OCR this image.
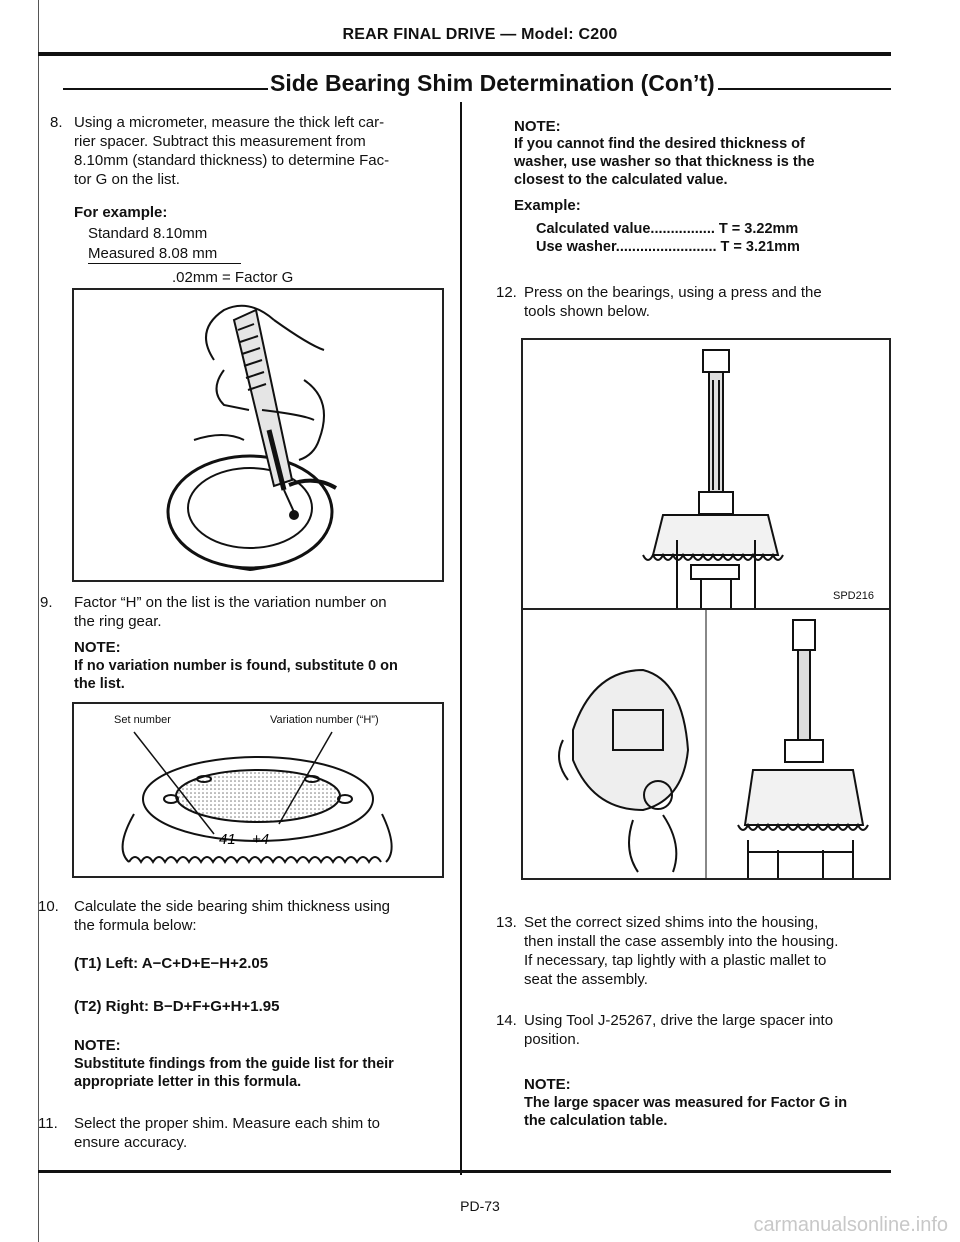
REAR FINAL DRIVE — Model: C200
Side Bearing Shim Determination (Con’t)
8. Using a micrometer, measure the thick left car-
rier spacer. Subtract this measurement from
8.10mm (standard thickness) to determine Fac-
tor G on the list.
For example:
Standard 8.10mm
Measured 8.08 mm
.02mm = Factor G
9. Factor “H” on the list is the variation number on
the ring gear.
NOTE:
If no variation number is found, substitute 0 on
the list.
Set number	Variation number (“H”)
41 +4
10. Calculate the side bearing shim thickness using
the formula below:
(T1) Left: A−C+D+E−H+2.05
(T2) Right: B−D+F+G+H+1.95
NOTE:
Substitute findings from the guide list for their
appropriate letter in this formula.
11. Select the proper shim. Measure each shim to
ensure accuracy.
NOTE:
If you cannot find the desired thickness of
washer, use washer so that thickness is the
closest to the calculated value.
Example:
Calculated value................ T = 3.22mm
Use washer......................... T = 3.21mm
12. Press on the bearings, using a press and the
tools shown below.
SPD216
13. Set the correct sized shims into the housing,
then install the case assembly into the housing.
If necessary, tap lightly with a plastic mallet to
seat the assembly.
14. Using Tool J-25267, drive the large spacer into
position.
NOTE:
The large spacer was measured for Factor G in
the calculation table.
PD-73
carmanualsonline.info
